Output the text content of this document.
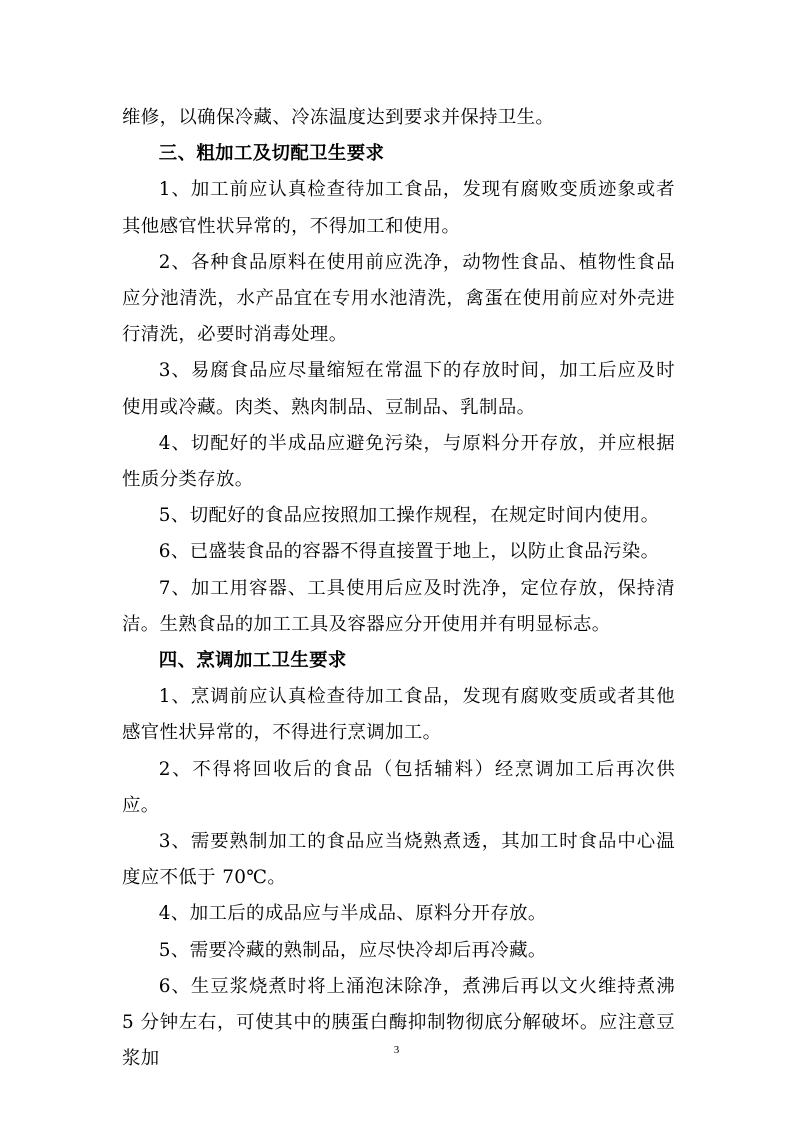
维修，以确保冷藏、冷冻温度达到要求并保持卫生。

三、粗加工及切配卫生要求

1、加工前应认真检查待加工食品，发现有腐败变质迹象或者其他感官性状异常的，不得加工和使用。

2、各种食品原料在使用前应洗净，动物性食品、植物性食品应分池清洗，水产品宜在专用水池清洗，禽蛋在使用前应对外壳进行清洗，必要时消毒处理。

3、易腐食品应尽量缩短在常温下的存放时间，加工后应及时使用或冷藏。肉类、熟肉制品、豆制品、乳制品。

4、切配好的半成品应避免污染，与原料分开存放，并应根据性质分类存放。

5、切配好的食品应按照加工操作规程，在规定时间内使用。

6、已盛装食品的容器不得直接置于地上，以防止食品污染。

7、加工用容器、工具使用后应及时洗净，定位存放，保持清洁。生熟食品的加工工具及容器应分开使用并有明显标志。

四、烹调加工卫生要求

1、烹调前应认真检查待加工食品，发现有腐败变质或者其他感官性状异常的，不得进行烹调加工。

2、不得将回收后的食品（包括辅料）经烹调加工后再次供应。

3、需要熟制加工的食品应当烧熟煮透，其加工时食品中心温度应不低于 70℃。

4、加工后的成品应与半成品、原料分开存放。

5、需要冷藏的熟制品，应尽快冷却后再冷藏。

6、生豆浆烧煮时将上涌泡沫除净，煮沸后再以文火维持煮沸 5 分钟左右，可使其中的胰蛋白酶抑制物彻底分解破坏。应注意豆浆加	3
